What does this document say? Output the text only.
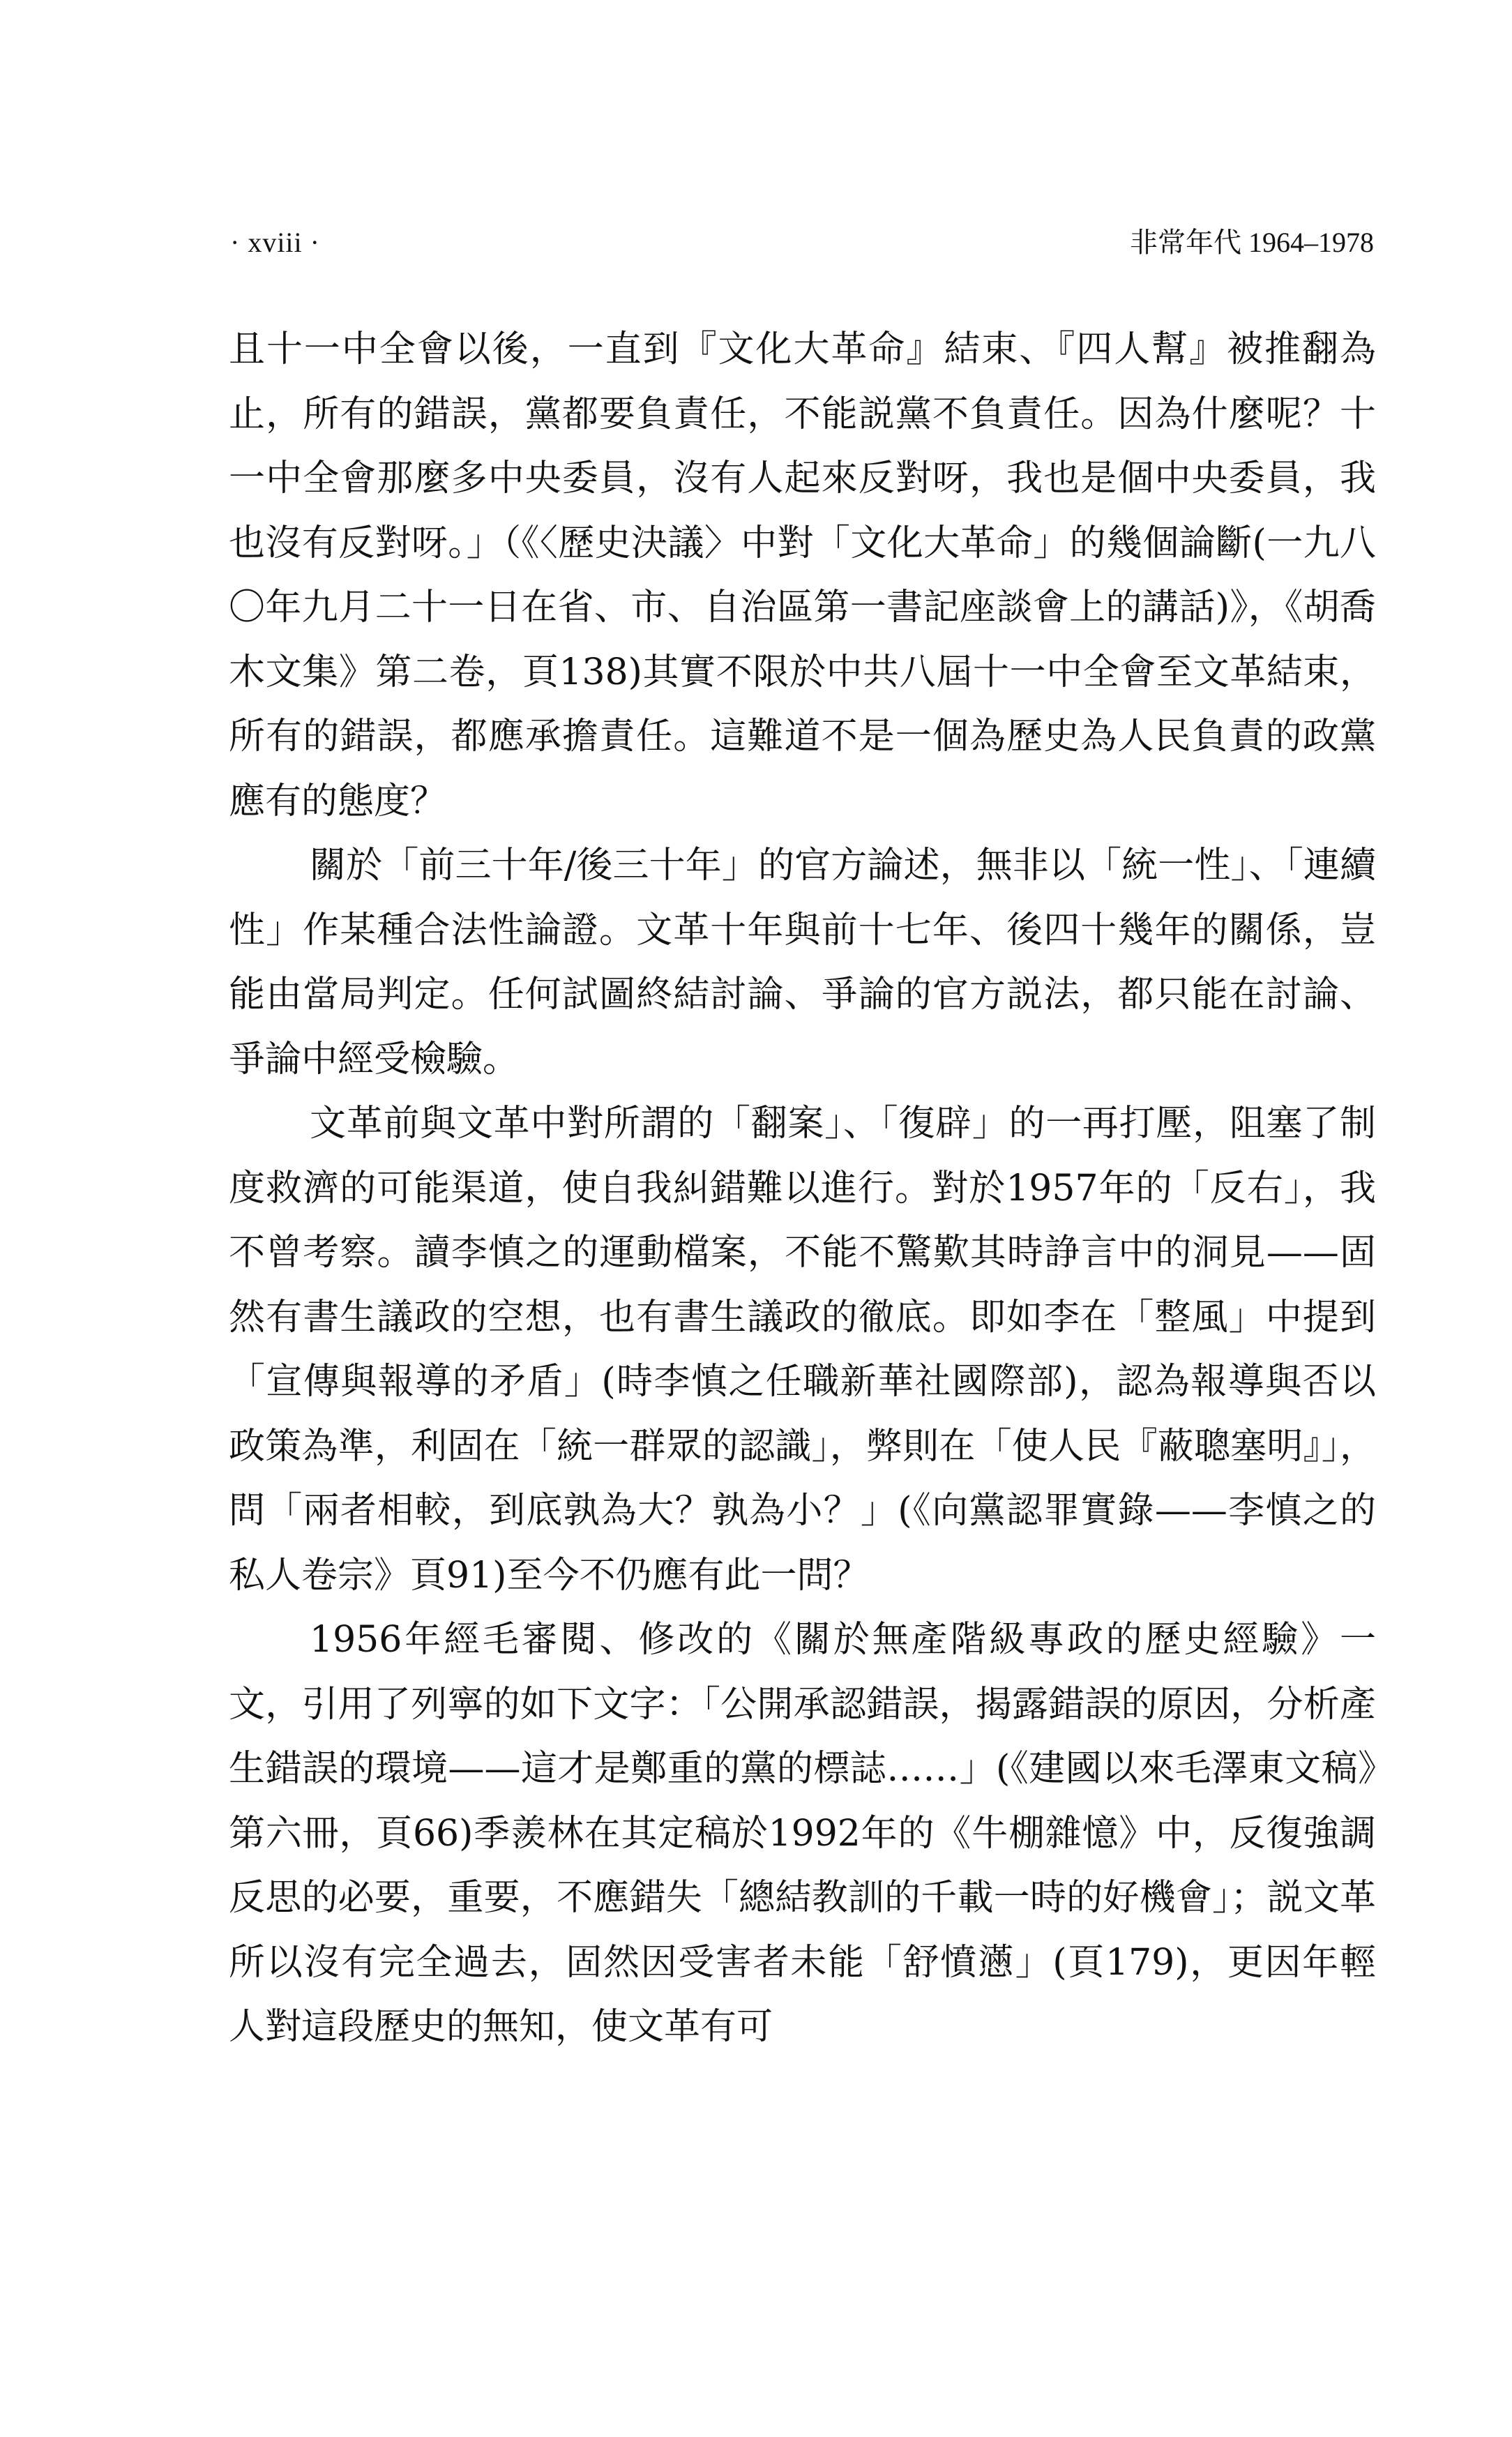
· xviii ·	非常年代 1964–1978

且十一中全會以後，一直到『文化大革命』結束、『四人幫』被推翻為止，所有的錯誤，黨都要負責任，不能説黨不負責任。因為什麼呢？十一中全會那麼多中央委員，沒有人起來反對呀，我也是個中央委員，我也沒有反對呀。」（《〈歷史決議〉中對「文化大革命」的幾個論斷(一九八〇年九月二十一日在省、市、自治區第一書記座談會上的講話)》，《胡喬木文集》第二卷，頁138)其實不限於中共八屆十一中全會至文革結束，所有的錯誤，都應承擔責任。這難道不是一個為歷史為人民負責的政黨應有的態度？

關於「前三十年/後三十年」的官方論述，無非以「統一性」、「連續性」作某種合法性論證。文革十年與前十七年、後四十幾年的關係，豈能由當局判定。任何試圖終結討論、爭論的官方説法，都只能在討論、爭論中經受檢驗。

文革前與文革中對所謂的「翻案」、「復辟」的一再打壓，阻塞了制度救濟的可能渠道，使自我糾錯難以進行。對於1957年的「反右」，我不曾考察。讀李慎之的運動檔案，不能不驚歎其時諍言中的洞見——固然有書生議政的空想，也有書生議政的徹底。即如李在「整風」中提到「宣傳與報導的矛盾」(時李慎之任職新華社國際部)，認為報導與否以政策為準，利固在「統一群眾的認識」，弊則在「使人民『蔽聰塞明』」，問「兩者相較，到底孰為大？孰為小？」(《向黨認罪實錄——李慎之的私人卷宗》頁91)至今不仍應有此一問？

1956年經毛審閱、修改的《關於無產階級專政的歷史經驗》一文，引用了列寧的如下文字：「公開承認錯誤，揭露錯誤的原因，分析產生錯誤的環境——這才是鄭重的黨的標誌……」(《建國以來毛澤東文稿》第六冊，頁66)季羨林在其定稿於1992年的《牛棚雜憶》中，反復強調反思的必要，重要，不應錯失「總結教訓的千載一時的好機會」；説文革所以沒有完全過去，固然因受害者未能「舒憤懣」(頁179)，更因年輕人對這段歷史的無知，使文革有可
